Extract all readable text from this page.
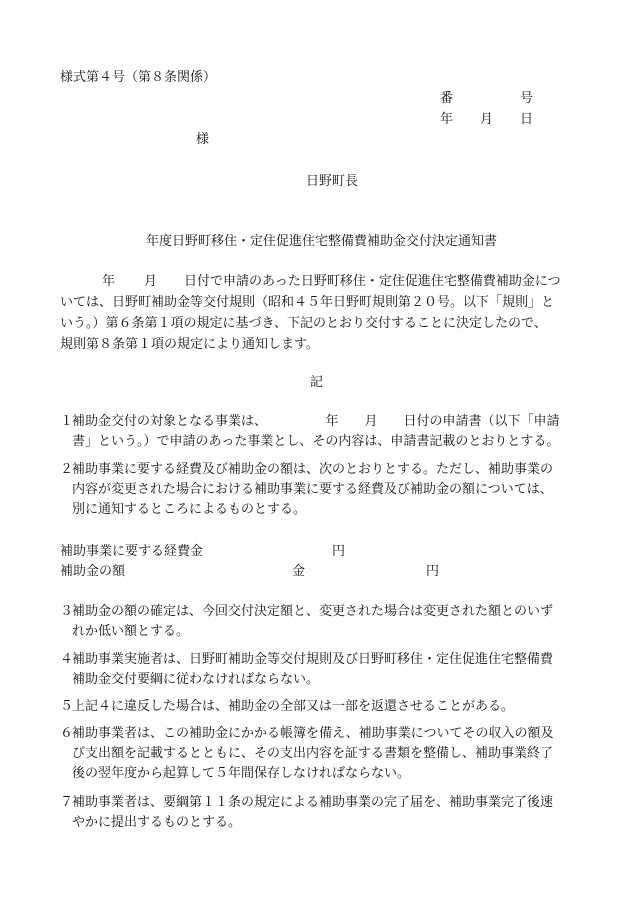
様式第４号（第８条関係）
番	号
年 月 日
様
日野町長
年度日野町移住・定住促進住宅整備費補助金交付決定通知書
年 月 日付で申請のあった日野町移住・定住促進住宅整備費補助金につ
いては、日野町補助金等交付規則（昭和４５年日野町規則第２０号。以下「規則」と
いう。）第６条第１項の規定に基づき、下記のとおり交付することに決定したので、
規則第８条第１項の規定により通知します。
記
１
補助金交付の対象となる事業は、　　　　　年　　月　　日付の申請書（以下「申請
書」という。）で申請のあった事業とし、その内容は、申請書記載のとおりとする。
２
補助事業に要する経費及び補助金の額は、次のとおりとする。ただし、補助事業の
内容が変更された場合における補助事業に要する経費及び補助金の額については、
別に通知するところによるものとする。
補助事業に要する経費金	円
補助金の額	金	円
３
補助金の額の確定は、今回交付決定額と、変更された場合は変更された額とのいず
れか低い額とする。
４
補助事業実施者は、日野町補助金等交付規則及び日野町移住・定住促進住宅整備費
補助金交付要綱に従わなければならない。
５
上記４に違反した場合は、補助金の全部又は一部を返還させることがある。
６
補助事業者は、この補助金にかかる帳簿を備え、補助事業についてその収入の額及
び支出額を記載するとともに、その支出内容を証する書類を整備し、補助事業終了
後の翌年度から起算して５年間保存しなければならない。
７
補助事業者は、要綱第１１条の規定による補助事業の完了届を、補助事業完了後速
やかに提出するものとする。
